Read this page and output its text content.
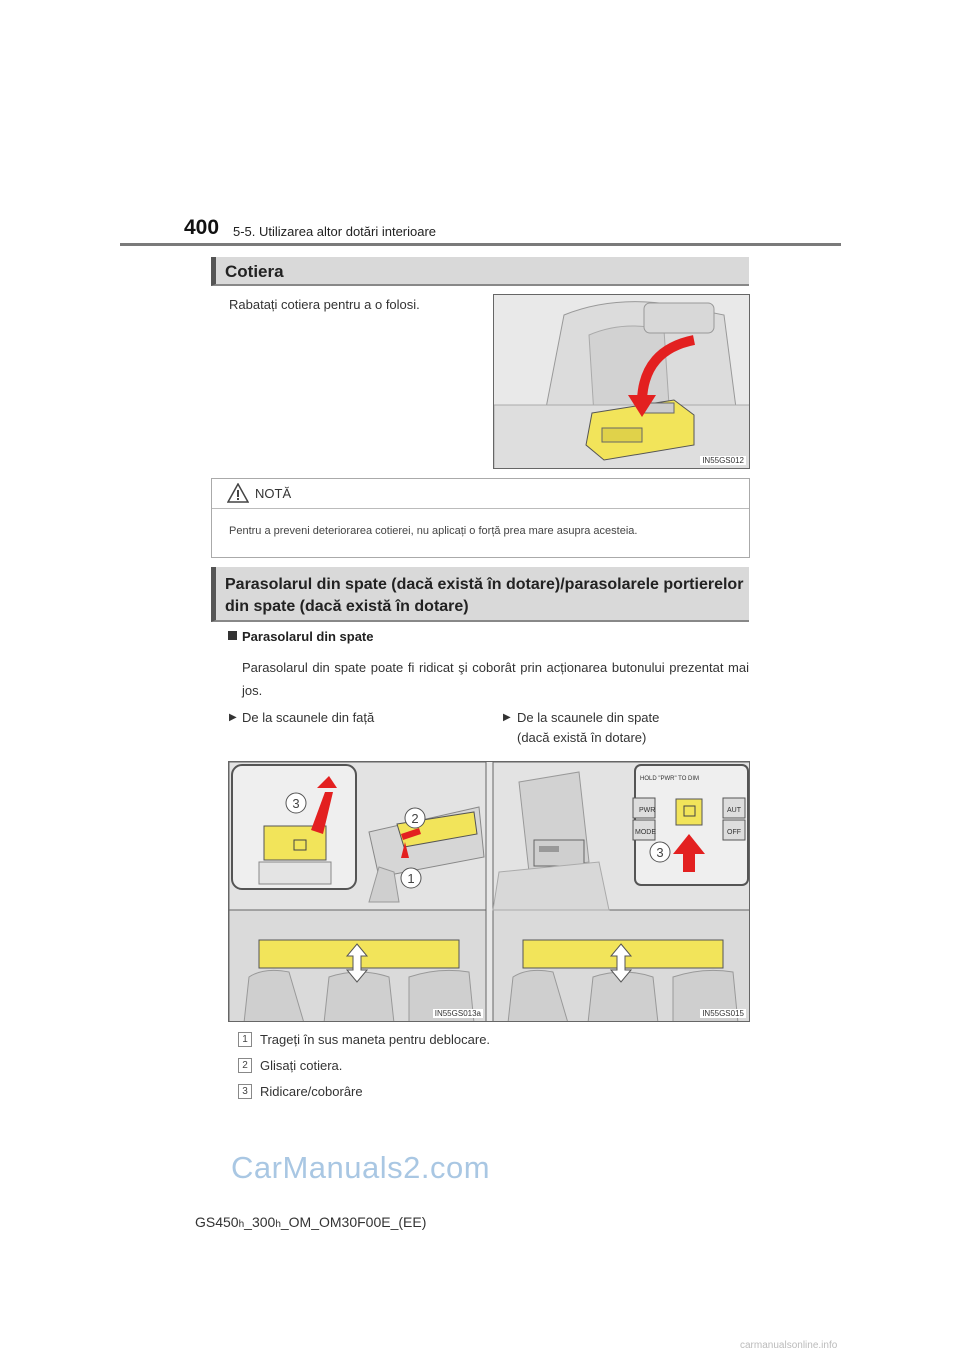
400 5-5. Utilizarea altor dotări interioare
Cotiera
Rabatați cotiera pentru a o folosi.
IN55GS012
NOTĂ
Pentru a preveni deteriorarea cotierei, nu aplicați o forță prea mare asupra acesteia.
Parasolarul din spate (dacă există în dotare)/parasolarele portierelor
din spate (dacă există în dotare)
Parasolarul din spate
Parasolarul din spate poate fi ridicat şi coborât prin acționarea butonului prezentat mai jos.
▶ De la scaunele din față	▶ De la scaunele din spate
(dacă există în dotare)
3
2
1
HOLD "PWR" TO DIM
PWR
MODE
AUT
OFF
3
IN55GS013a	IN55GS015
1 Trageți în sus maneta pentru deblocare.
2 Glisați cotiera.
3 Ridicare/coborâre
CarManuals2.com
GS450h_300h_OM_OM30F00E_(EE)
carmanualsonline.info
